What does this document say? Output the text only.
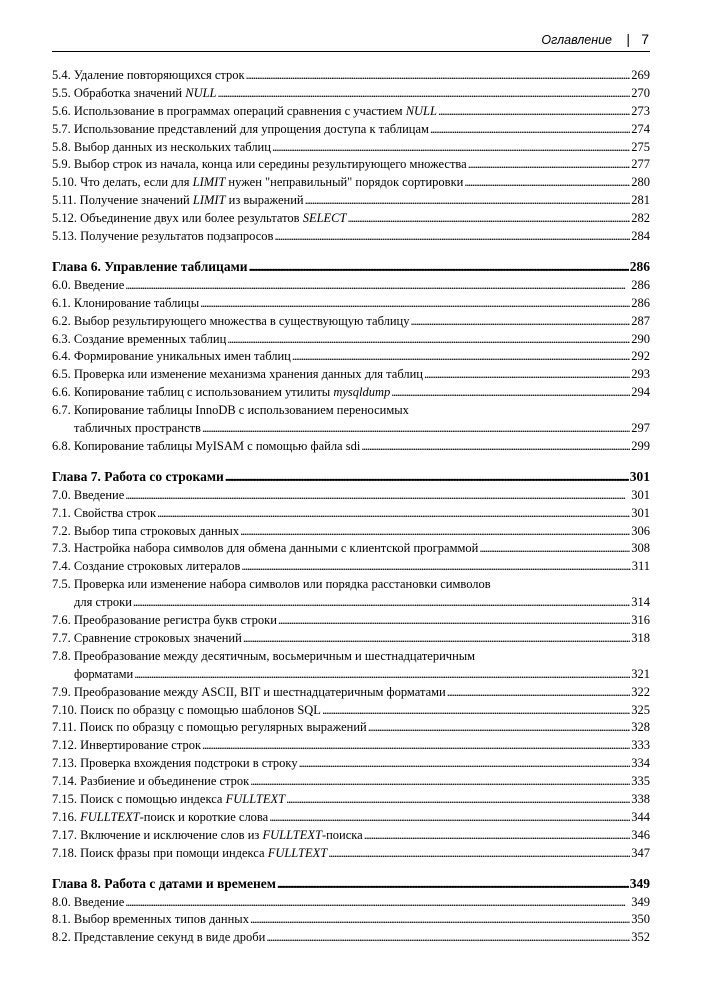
Оглавление | 7
5.4. Удаление повторяющихся строк . . .	269
5.5. Обработка значений NULL . . .	270
5.6. Использование в программах операций сравнения с участием NULL . . .	273
5.7. Использование представлений для упрощения доступа к таблицам . . .	274
5.8. Выбор данных из нескольких таблиц . . .	275
5.9. Выбор строк из начала, конца или середины результирующего множества . . .	277
5.10. Что делать, если для LIMIT нужен "неправильный" порядок сортировки . . .	280
5.11. Получение значений LIMIT из выражений . . .	281
5.12. Объединение двух или более результатов SELECT . . .	282
5.13. Получение результатов подзапросов . . .	284
Глава 6. Управление таблицами . . .	286
6.0. Введение . . .	286
6.1. Клонирование таблицы . . .	286
6.2. Выбор результирующего множества в существующую таблицу . . .	287
6.3. Создание временных таблиц . . .	290
6.4. Формирование уникальных имен таблиц . . .	292
6.5. Проверка или изменение механизма хранения данных для таблиц . . .	293
6.6. Копирование таблиц с использованием утилиты mysqldump . . .	294
6.7. Копирование таблицы InnoDB с использованием переносимых
табличных пространств . . .	297
6.8. Копирование таблицы MyISAM с помощью файла sdi . . .	299
Глава 7. Работа со строками . . .	301
7.0. Введение . . .	301
7.1. Свойства строк . . .	301
7.2. Выбор типа строковых данных . . .	306
7.3. Настройка набора символов для обмена данными с клиентской программой . . .	308
7.4. Создание строковых литералов . . .	311
7.5. Проверка или изменение набора символов или порядка расстановки символов
для строки . . .	314
7.6. Преобразование регистра букв строки . . .	316
7.7. Сравнение строковых значений . . .	318
7.8. Преобразование между десятичным, восьмеричным и шестнадцатеричным
форматами . . .	321
7.9. Преобразование между ASCII, BIT и шестнадцатеричным форматами . . .	322
7.10. Поиск по образцу с помощью шаблонов SQL . . .	325
7.11. Поиск по образцу с помощью регулярных выражений . . .	328
7.12. Инвертирование строк . . .	333
7.13. Проверка вхождения подстроки в строку . . .	334
7.14. Разбиение и объединение строк . . .	335
7.15. Поиск с помощью индекса FULLTEXT . . .	338
7.16. FULLTEXT-поиск и короткие слова . . .	344
7.17. Включение и исключение слов из FULLTEXT-поиска . . .	346
7.18. Поиск фразы при помощи индекса FULLTEXT . . .	347
Глава 8. Работа с датами и временем . . .	349
8.0. Введение . . .	349
8.1. Выбор временных типов данных . . .	350
8.2. Представление секунд в виде дроби . . .	352
